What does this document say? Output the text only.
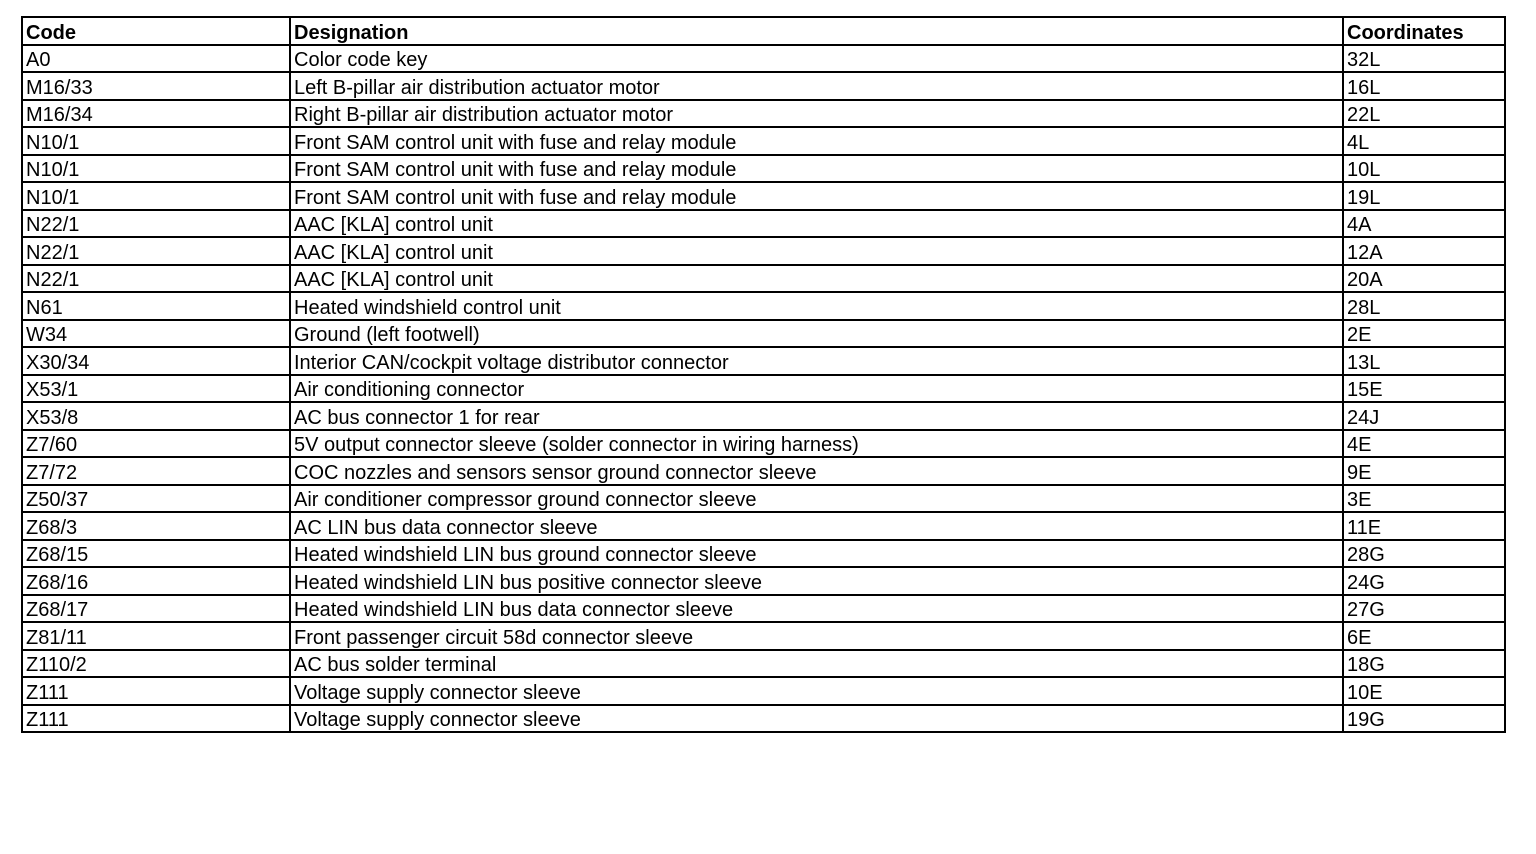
Code	Designation	Coordinates
A0	Color code key	32L
M16/33	Left B-pillar air distribution actuator motor	16L
M16/34	Right B-pillar air distribution actuator motor	22L
N10/1	Front SAM control unit with fuse and relay module	4L
N10/1	Front SAM control unit with fuse and relay module	10L
N10/1	Front SAM control unit with fuse and relay module	19L
N22/1	AAC [KLA] control unit	4A
N22/1	AAC [KLA] control unit	12A
N22/1	AAC [KLA] control unit	20A
N61	Heated windshield control unit	28L
W34	Ground (left footwell)	2E
X30/34	Interior CAN/cockpit voltage distributor connector	13L
X53/1	Air conditioning connector	15E
X53/8	AC bus connector 1 for rear	24J
Z7/60	5V output connector sleeve (solder connector in wiring harness)	4E
Z7/72	COC nozzles and sensors sensor ground connector sleeve	9E
Z50/37	Air conditioner compressor ground connector sleeve	3E
Z68/3	AC LIN bus data connector sleeve	11E
Z68/15	Heated windshield LIN bus ground connector sleeve	28G
Z68/16	Heated windshield LIN bus positive connector sleeve	24G
Z68/17	Heated windshield LIN bus data connector sleeve	27G
Z81/11	Front passenger circuit 58d connector sleeve	6E
Z110/2	AC bus solder terminal	18G
Z111	Voltage supply connector sleeve	10E
Z111	Voltage supply connector sleeve	19G
